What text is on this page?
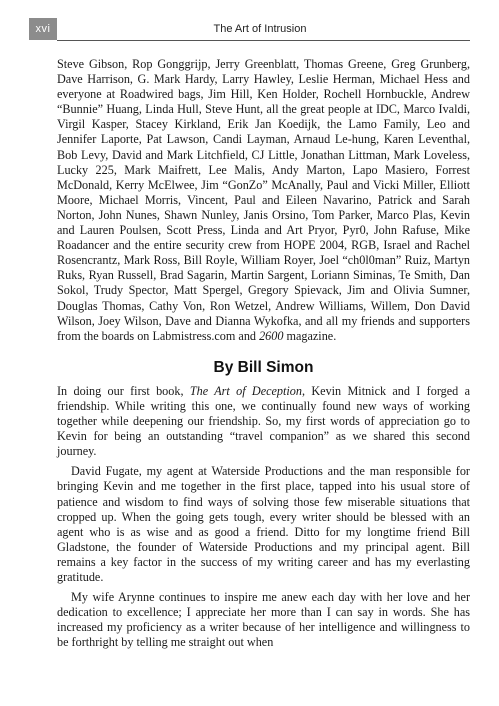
xvi	The Art of Intrusion

Steve Gibson, Rop Gonggrijp, Jerry Greenblatt, Thomas Greene, Greg Grunberg, Dave Harrison, G. Mark Hardy, Larry Hawley, Leslie Herman, Michael Hess and everyone at Roadwired bags, Jim Hill, Ken Holder, Rochell Hornbuckle, Andrew “Bunnie” Huang, Linda Hull, Steve Hunt, all the great people at IDC, Marco Ivaldi, Virgil Kasper, Stacey Kirkland, Erik Jan Koedijk, the Lamo Family, Leo and Jennifer Laporte, Pat Lawson, Candi Layman, Arnaud Le-hung, Karen Leventhal, Bob Levy, David and Mark Litchfield, CJ Little, Jonathan Littman, Mark Loveless, Lucky 225, Mark Maifrett, Lee Malis, Andy Marton, Lapo Masiero, Forrest McDonald, Kerry McElwee, Jim “GonZo” McAnally, Paul and Vicki Miller, Elliott Moore, Michael Morris, Vincent, Paul and Eileen Navarino, Patrick and Sarah Norton, John Nunes, Shawn Nunley, Janis Orsino, Tom Parker, Marco Plas, Kevin and Lauren Poulsen, Scott Press, Linda and Art Pryor, Pyr0, John Rafuse, Mike Roadancer and the entire security crew from HOPE 2004, RGB, Israel and Rachel Rosencrantz, Mark Ross, Bill Royle, William Royer, Joel “ch0l0man” Ruiz, Martyn Ruks, Ryan Russell, Brad Sagarin, Martin Sargent, Loriann Siminas, Te Smith, Dan Sokol, Trudy Spector, Matt Spergel, Gregory Spievack, Jim and Olivia Sumner, Douglas Thomas, Cathy Von, Ron Wetzel, Andrew Williams, Willem, Don David Wilson, Joey Wilson, Dave and Dianna Wykofka, and all my friends and supporters from the boards on Labmistress.com and 2600 magazine.

By Bill Simon

In doing our first book, The Art of Deception, Kevin Mitnick and I forged a friendship. While writing this one, we continually found new ways of working together while deepening our friendship. So, my first words of appreciation go to Kevin for being an outstanding “travel companion” as we shared this second journey.

David Fugate, my agent at Waterside Productions and the man responsible for bringing Kevin and me together in the first place, tapped into his usual store of patience and wisdom to find ways of solving those few miserable situations that cropped up. When the going gets tough, every writer should be blessed with an agent who is as wise and as good a friend. Ditto for my longtime friend Bill Gladstone, the founder of Waterside Productions and my principal agent. Bill remains a key factor in the success of my writing career and has my everlasting gratitude.

My wife Arynne continues to inspire me anew each day with her love and her dedication to excellence; I appreciate her more than I can say in words. She has increased my proficiency as a writer because of her intelligence and willingness to be forthright by telling me straight out when
